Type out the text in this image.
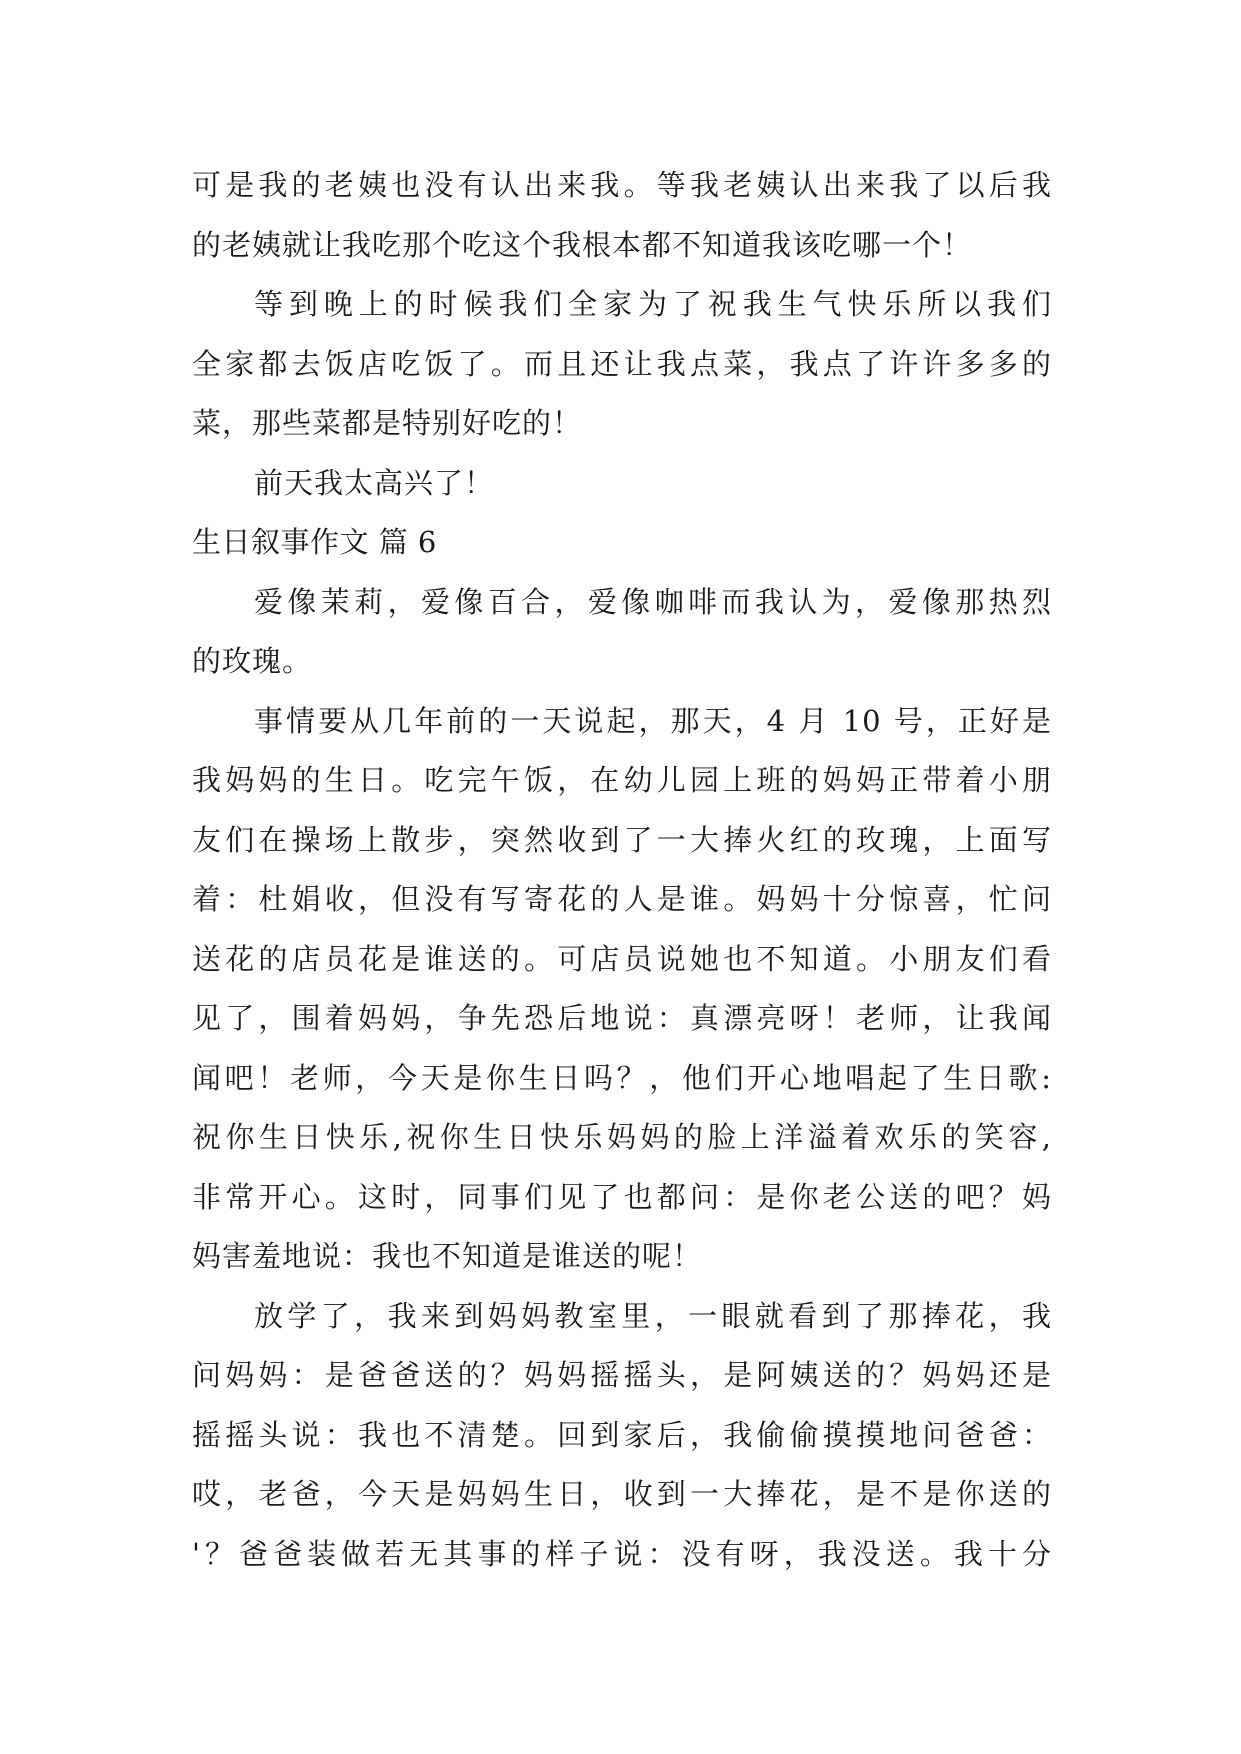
可是我的老姨也没有认出来我。等我老姨认出来我了以后我
的老姨就让我吃那个吃这个我根本都不知道我该吃哪一个！
等到晚上的时候我们全家为了祝我生气快乐所以我们
全家都去饭店吃饭了。而且还让我点菜，我点了许许多多的
菜，那些菜都是特别好吃的！
前天我太高兴了！
生日叙事作文 篇 6
爱像茉莉，爱像百合，爱像咖啡而我认为，爱像那热烈
的玫瑰。
事情要从几年前的一天说起，那天，4 月 10 号，正好是
我妈妈的生日。吃完午饭，在幼儿园上班的妈妈正带着小朋
友们在操场上散步，突然收到了一大捧火红的玫瑰，上面写
着：杜娟收，但没有写寄花的人是谁。妈妈十分惊喜，忙问
送花的店员花是谁送的。可店员说她也不知道。小朋友们看
见了，围着妈妈，争先恐后地说：真漂亮呀！老师，让我闻
闻吧！老师，今天是你生日吗？，他们开心地唱起了生日歌:
祝你生日快乐,祝你生日快乐妈妈的脸上洋溢着欢乐的笑容,
非常开心。这时，同事们见了也都问：是你老公送的吧？妈
妈害羞地说：我也不知道是谁送的呢！
放学了，我来到妈妈教室里，一眼就看到了那捧花，我
问妈妈：是爸爸送的？妈妈摇摇头，是阿姨送的？妈妈还是
摇摇头说：我也不清楚。回到家后，我偷偷摸摸地问爸爸：
哎，老爸，今天是妈妈生日，收到一大捧花，是不是你送的
'？爸爸装做若无其事的样子说：没有呀，我没送。我十分
